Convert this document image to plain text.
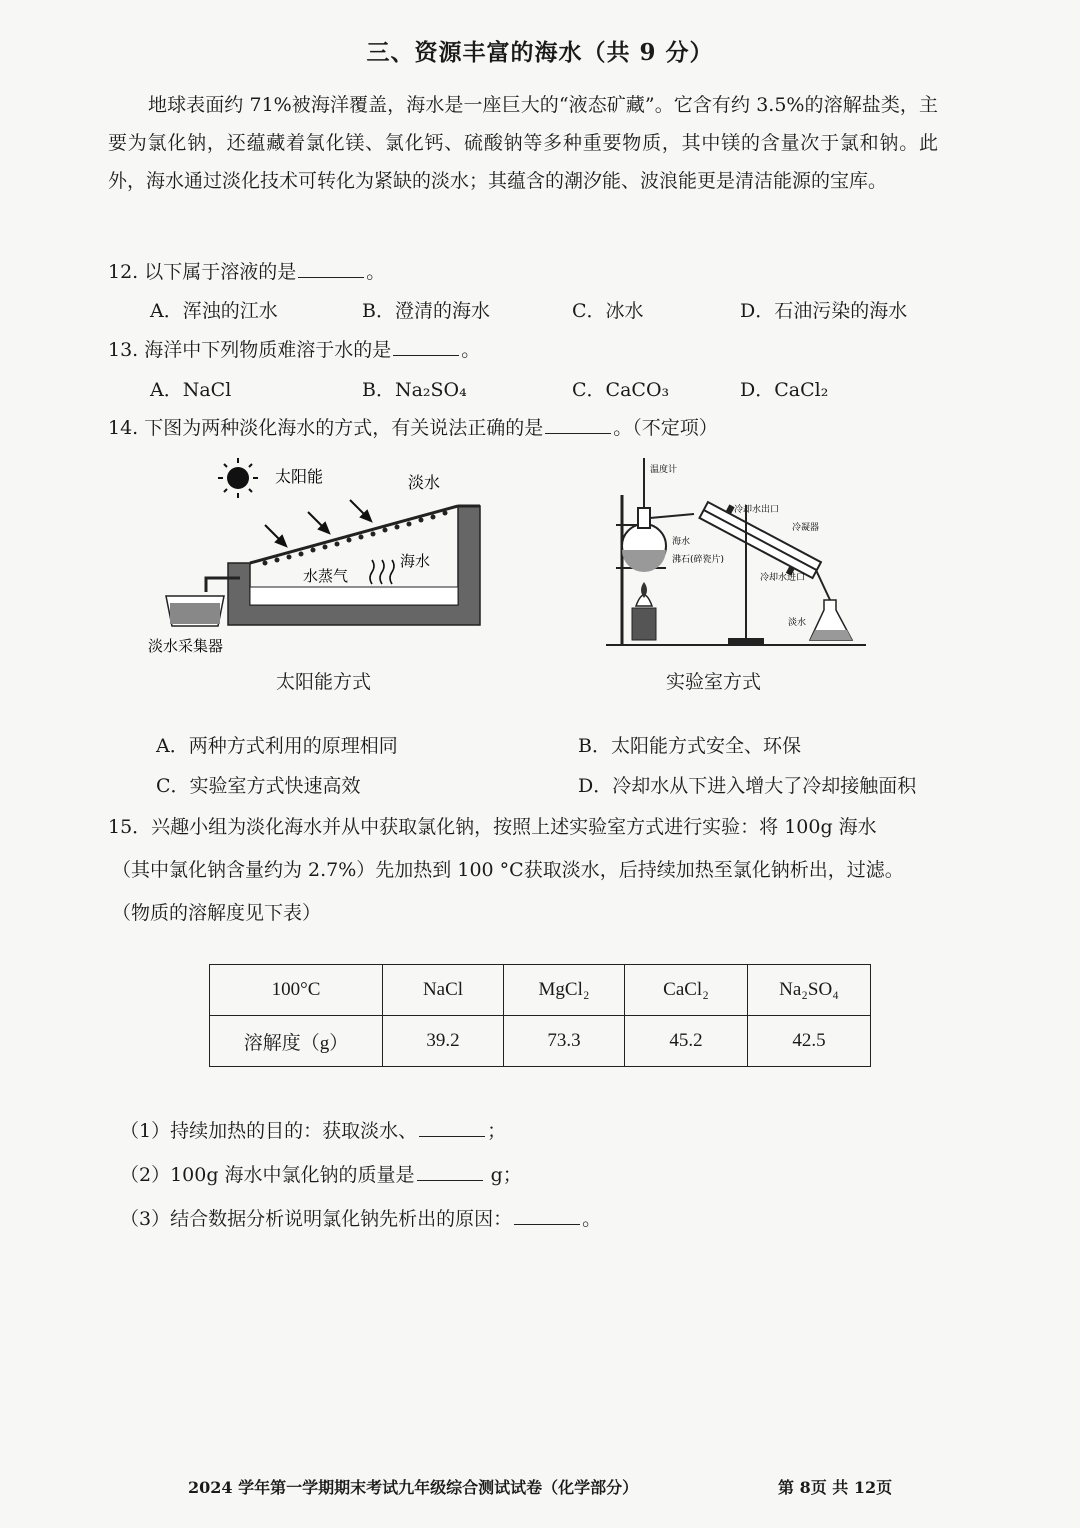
三、资源丰富的海水（共 9 分）
地球表面约 71%被海洋覆盖，海水是一座巨大的“液态矿藏”。它含有约 3.5%的溶解盐类，主要为氯化钠，还蕴藏着氯化镁、氯化钙、硫酸钠等多种重要物质，其中镁的含量次于氯和钠。此外，海水通过淡化技术可转化为紧缺的淡水；其蕴含的潮汐能、波浪能更是清洁能源的宝库。
12. 以下属于溶液的是	。
A．浑浊的江水	B．澄清的海水	C．冰水	D．石油污染的海水
13. 海洋中下列物质难溶于水的是	。
A．NaCl	B．Na₂SO₄	C．CaCO₃	D．CaCl₂
14. 下图为两种淡化海水的方式，有关说法正确的是	。（不定项）
太阳能	淡水
水蒸气
海水
淡水采集器
温度计
海水
沸石(碎瓷片)
冷却水出口
冷凝器
冷却水进口
淡水
太阳能方式	实验室方式
A．两种方式利用的原理相同	B．太阳能方式安全、环保
C．实验室方式快速高效	D．冷却水从下进入增大了冷却接触面积
15．兴趣小组为淡化海水并从中获取氯化钠，按照上述实验室方式进行实验：将 100g 海水
（其中氯化钠含量约为 2.7%）先加热到 100 °C获取淡水，后持续加热至氯化钠析出，过滤。
（物质的溶解度见下表）
100°C	NaCl	MgCl₂	CaCl₂	Na₂SO₄
溶解度（g）	39.2	73.3	45.2	42.5
（1）持续加热的目的：获取淡水、	；
（2）100g 海水中氯化钠的质量是	g；
（3）结合数据分析说明氯化钠先析出的原因：	。
2024 学年第一学期期末考试九年级综合测试试卷（化学部分）	第 8页 共 12页
